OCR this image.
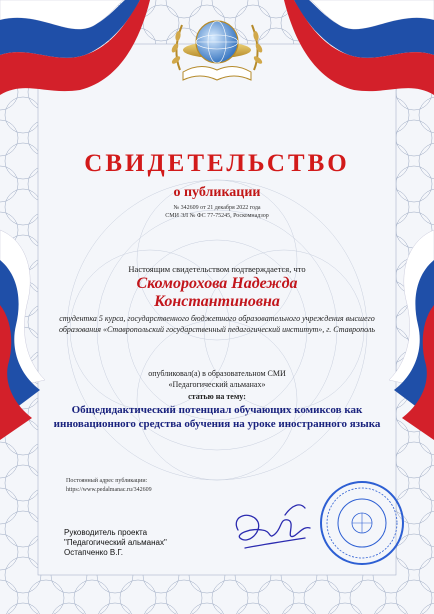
СВИДЕТЕЛЬСТВО
о публикации
№ 342609 от 21 декабря 2022 года
СМИ ЭЛ № ФС 77-75245, Роскомнадзор
Настоящим свидетельством подтверждается, что
Скоморохова Надежда
Константиновна
студентка 5 курса, государственного бюджетного образовательного учреждения высшего образования «Ставропольский государственный педагогический институт», г. Ставрополь
опубликовал(а) в образовательном СМИ
«Педагогический альманах»
статью на тему:
Общедидактический потенциал обучающих комиксов как инновационного средства обучения на уроке иностранного языка
Постоянный адрес публикации:
https://www.pedalmanac.ru/342609
Руководитель проекта
"Педагогический альманах"
Остапченко В.Г.
